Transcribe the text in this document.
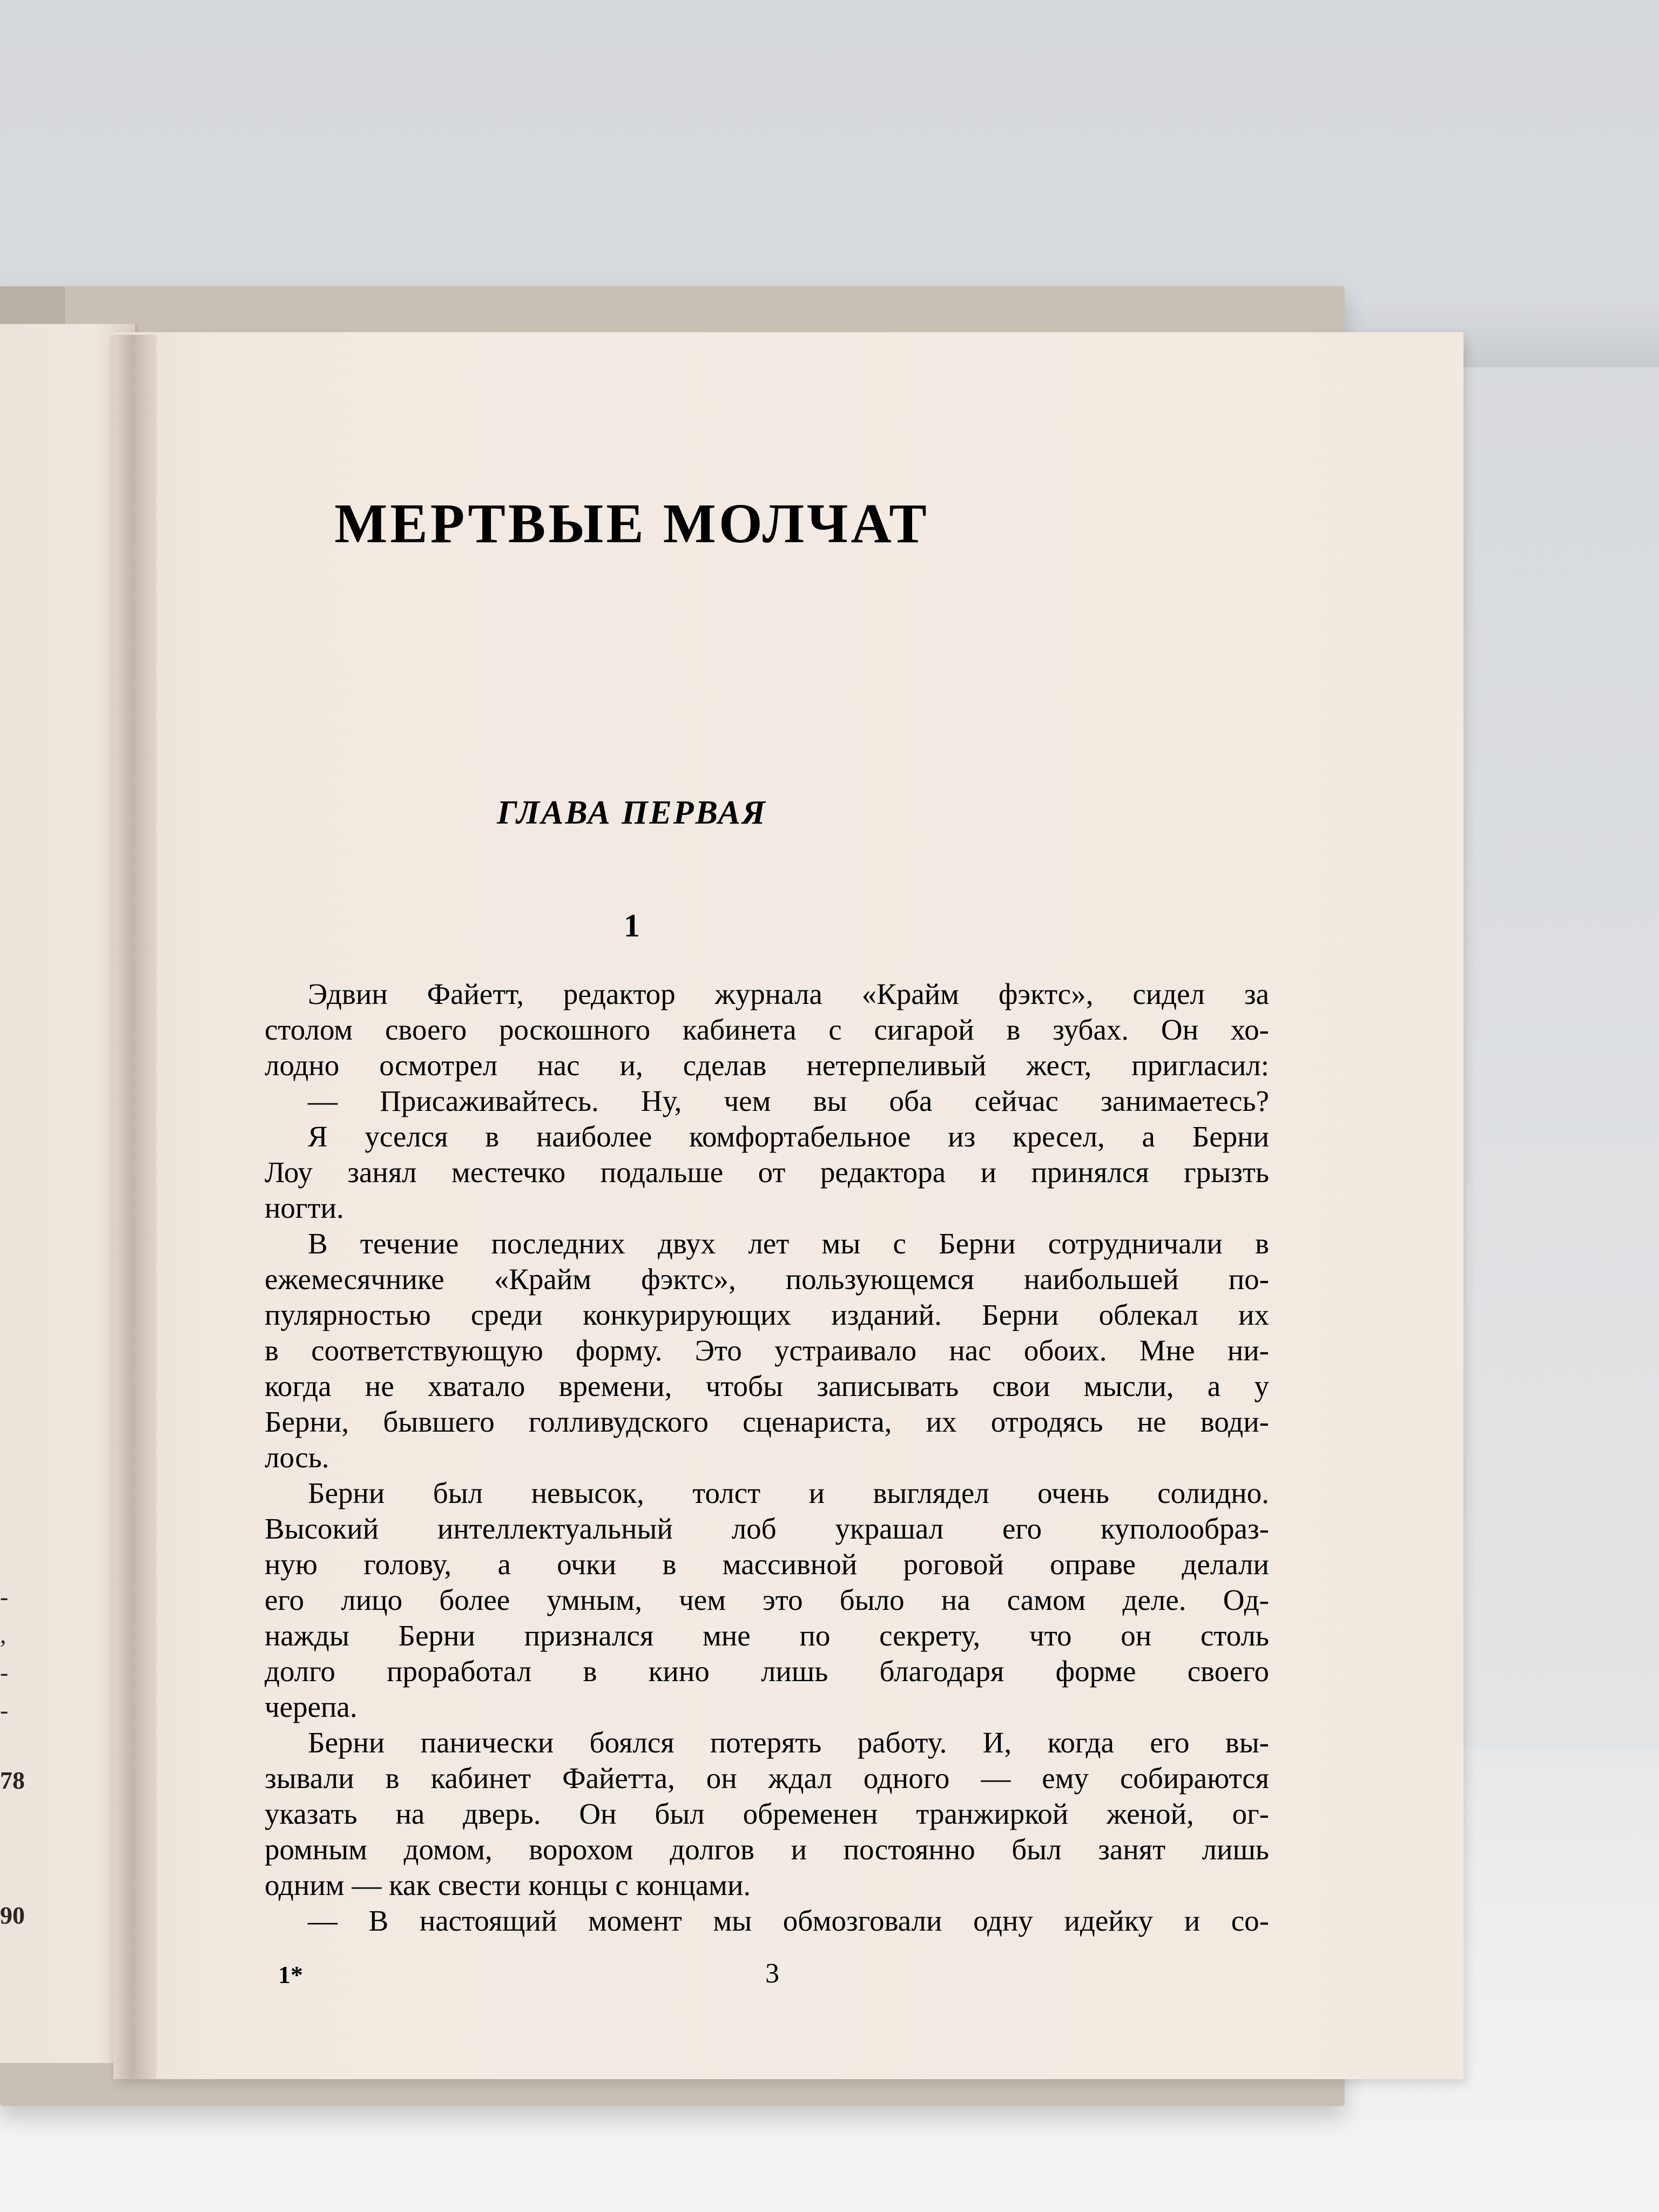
-
,
-
-
78
90
МЕРТВЫЕ МОЛЧАТ
ГЛАВА ПЕРВАЯ
1
Эдвин Файетт, редактор журнала «Крайм фэктс», сидел за
столом своего роскошного кабинета с сигарой в зубах. Он хо-
лодно осмотрел нас и, сделав нетерпеливый жест, пригласил:
— Присаживайтесь. Ну, чем вы оба сейчас занимаетесь?
Я уселся в наиболее комфортабельное из кресел, а Берни
Лоу занял местечко подальше от редактора и принялся грызть
ногти.
В течение последних двух лет мы с Берни сотрудничали в
ежемесячнике «Крайм фэктс», пользующемся наибольшей по-
пулярностью среди конкурирующих изданий. Берни облекал их
в соответствующую форму. Это устраивало нас обоих. Мне ни-
когда не хватало времени, чтобы записывать свои мысли, а у
Берни, бывшего голливудского сценариста, их отродясь не води-
лось.
Берни был невысок, толст и выглядел очень солидно.
Высокий интеллектуальный лоб украшал его куполообраз-
ную голову, а очки в массивной роговой оправе делали
его лицо более умным, чем это было на самом деле. Од-
нажды Берни признался мне по секрету, что он столь
долго проработал в кино лишь благодаря форме своего
черепа.
Берни панически боялся потерять работу. И, когда его вы-
зывали в кабинет Файетта, он ждал одного — ему собираются
указать на дверь. Он был обременен транжиркой женой, ог-
ромным домом, ворохом долгов и постоянно был занят лишь
одним — как свести концы с концами.
— В настоящий момент мы обмозговали одну идейку и со-
1*	3
